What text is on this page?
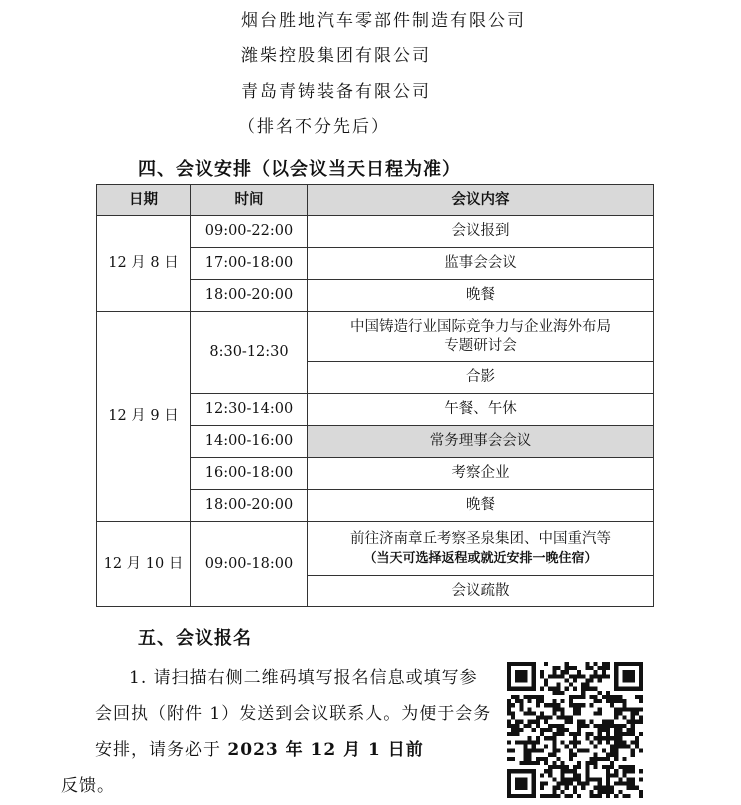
烟台胜地汽车零部件制造有限公司
潍柴控股集团有限公司
青岛青铸装备有限公司
（排名不分先后）
四、会议安排（以会议当天日程为准）
日期	时间	会议内容
12 月 8 日	09:00-22:00	会议报到
	17:00-18:00	监事会会议
	18:00-20:00	晚餐
12 月 9 日	8:30-12:30	中国铸造行业国际竞争力与企业海外布局
专题研讨会

		合影
	12:30-14:00	午餐、午休
	14:00-16:00	常务理事会会议
	16:00-18:00	考察企业
	18:00-20:00	晚餐
12 月 10 日	09:00-18:00	前往济南章丘考察圣泉集团、中国重汽等
（当天可选择返程或就近安排一晚住宿）

		会议疏散
五、会议报名

1. 请扫描右侧二维码填写报名信息或填写参会回执（附件 1）发送到会议联系人。为便于会务安排，请务必于 2023 年 12 月 1 日前
反馈。
